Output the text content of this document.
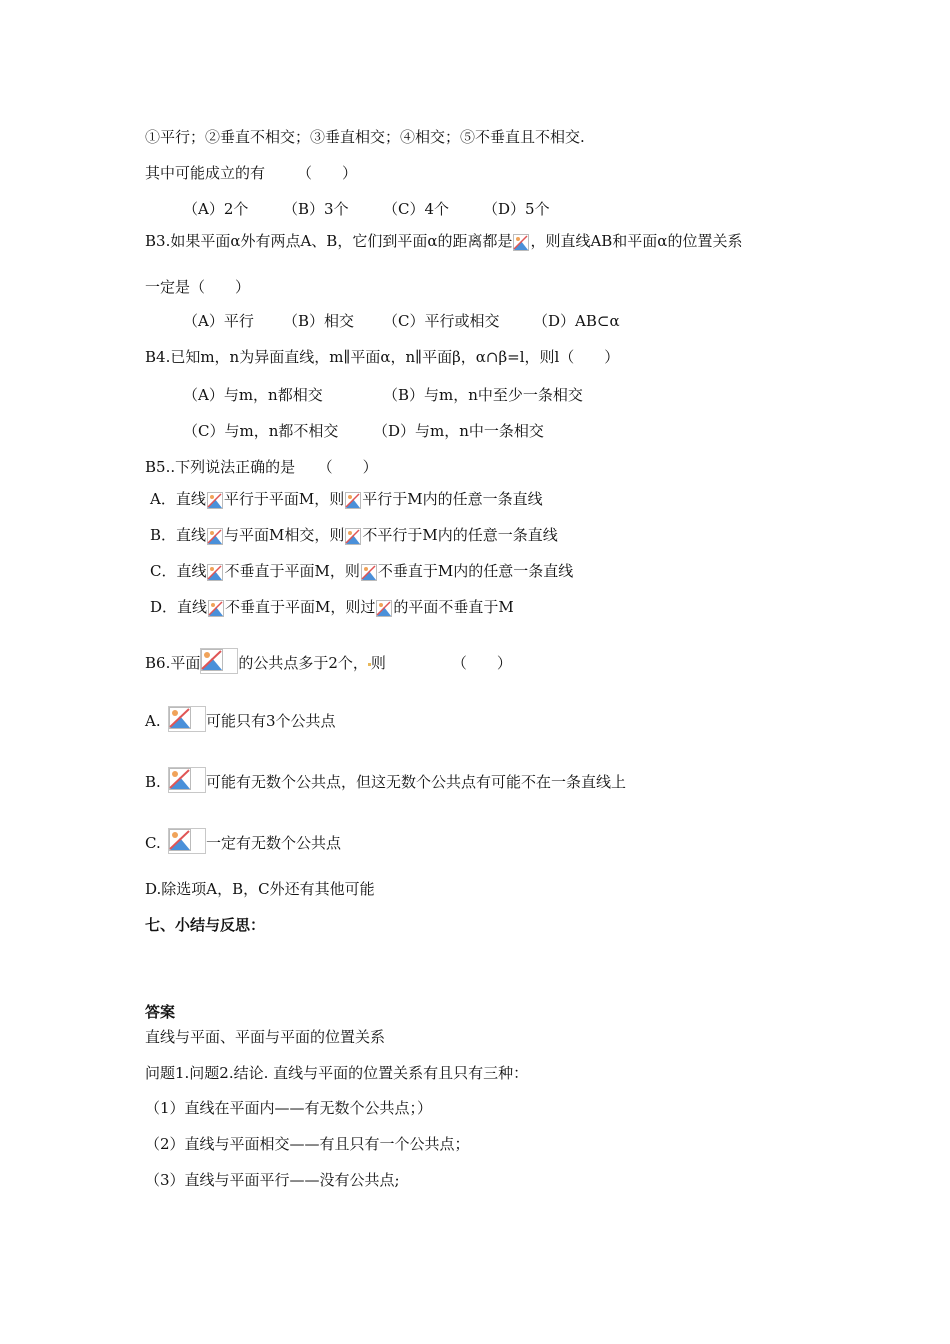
①平行；②垂直不相交；③垂直相交；④相交；⑤不垂直且不相交.
其中可能成立的有 （　　）
（A）2个 （B）3个 （C）4个 （D）5个
B3.如果平面α外有两点A、B，它们到平面α的距离都是 ，则直线AB和平面α的位置关系
一定是（　　）
（A）平行 （B）相交 （C）平行或相交 （D）AB⊂α
B4.已知m，n为异面直线，m∥平面α，n∥平面β，α∩β=l，则l（　　）
（A）与m，n都相交	（B）与m，n中至少一条相交
（C）与m，n都不相交 （D）与m，n中一条相交
B5..下列说法正确的是　　（　　）
A．直线 平行于平面M，则 平行于M内的任意一条直线
B．直线 与平面M相交，则 不平行于M内的任意一条直线
C．直线 不垂直于平面M，则 不垂直于M内的任意一条直线
D．直线 不垂直于平面M，则过 的平面不垂直于M
B6.平面	的公共点多于2个， 则	（　　）
A.	可能只有3个公共点
B.	可能有无数个公共点，但这无数个公共点有可能不在一条直线上
C.	一定有无数个公共点
D.除选项A，B，C外还有其他可能
七、小结与反思：
答案
直线与平面、平面与平面的位置关系
问题1.问题2.结论. 直线与平面的位置关系有且只有三种：
（1）直线在平面内——有无数个公共点；）
（2）直线与平面相交——有且只有一个公共点；
（3）直线与平面平行——没有公共点;
